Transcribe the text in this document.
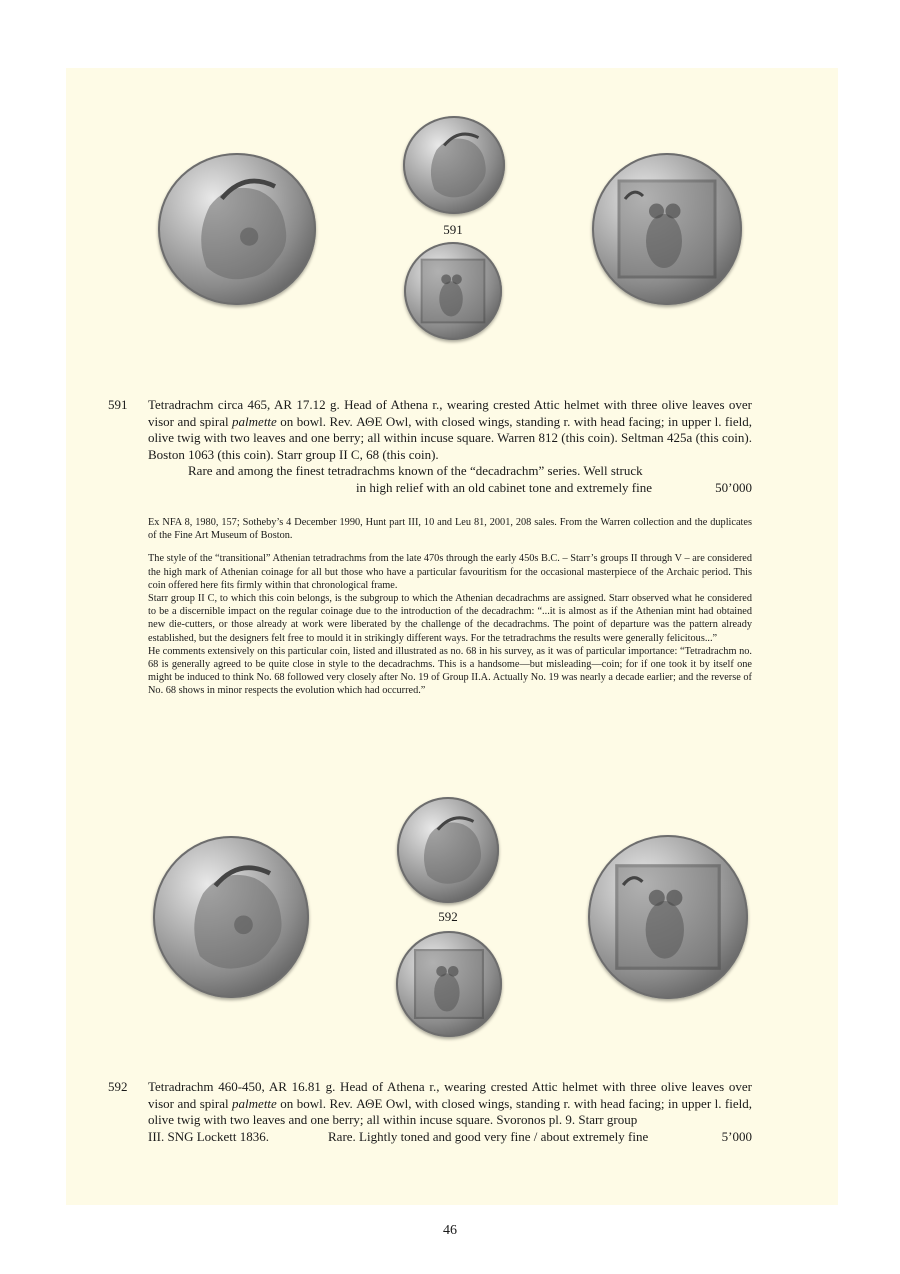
591
591 Tetradrachm circa 465, AR 17.12 g. Head of Athena r., wearing crested Attic helmet with three olive leaves over visor and spiral palmette on bowl. Rev. ΑΘΕ Owl, with closed wings, standing r. with head facing; in upper l. field, olive twig with two leaves and one berry; all within incuse square. Warren 812 (this coin). Seltman 425a (this coin). Boston 1063 (this coin). Starr group II C, 68 (this coin).
Rare and among the finest tetradrachms known of the “decadrachm” series. Well struck
in high relief with an old cabinet tone and extremely fine	50’000

Ex NFA 8, 1980, 157; Sotheby’s 4 December 1990, Hunt part III, 10 and Leu 81, 2001, 208 sales. From the Warren collection and the duplicates of the Fine Art Museum of Boston.

The style of the “transitional” Athenian tetradrachms from the late 470s through the early 450s B.C. – Starr’s groups II through V – are considered the high mark of Athenian coinage for all but those who have a particular favouritism for the occasional masterpiece of the Archaic period. This coin offered here fits firmly within that chronological frame.

Starr group II C, to which this coin belongs, is the subgroup to which the Athenian decadrachms are assigned. Starr observed what he considered to be a discernible impact on the regular coinage due to the introduction of the decadrachm: “...it is almost as if the Athenian mint had obtained new die-cutters, or those already at work were liberated by the challenge of the decadrachms. The point of departure was the pattern already established, but the designers felt free to mould it in strikingly different ways. For the tetradrachms the results were generally felicitous...”

He comments extensively on this particular coin, listed and illustrated as no. 68 in his survey, as it was of particular importance: “Tetradrachm no. 68 is generally agreed to be quite close in style to the decadrachms. This is a handsome—but misleading—coin; for if one took it by itself one might be induced to think No. 68 followed very closely after No. 19 of Group II.A. Actually No. 19 was nearly a decade earlier; and the reverse of No. 68 shows in minor respects the evolution which had occurred.”

592
592 Tetradrachm 460-450, AR 16.81 g. Head of Athena r., wearing crested Attic helmet with three olive leaves over visor and spiral palmette on bowl. Rev. ΑΘΕ Owl, with closed wings, standing r. with head facing; in upper l. field, olive twig with two leaves and one berry; all within incuse square. Svoronos pl. 9. Starr group
III. SNG Lockett 1836.	Rare. Lightly toned and good very fine / about extremely fine	5’000
46
